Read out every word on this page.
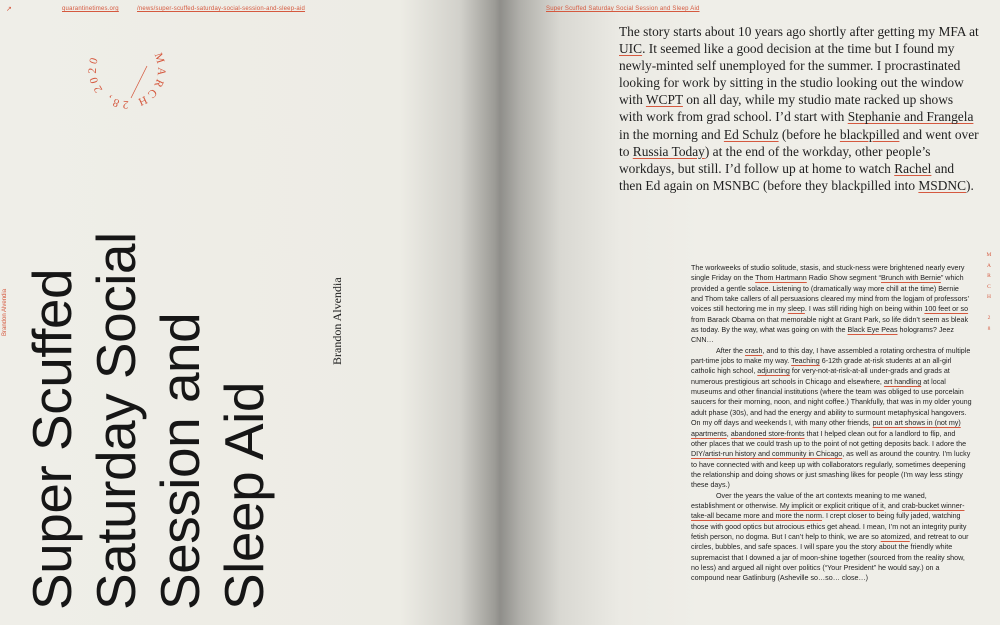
↗	quarantinetimes.org	/news/super-scuffed-saturday-social-session-and-sleep-aid
MARCH 28, 2020
Super Scuffed Saturday Social Session and Sleep Aid
Brandon Alvendia
Brandon Alvendia
Super Scuffed Saturday Social Session and Sleep Aid
The story starts about 10 years ago shortly after getting my MFA at UIC. It seemed like a good decision at the time but I found my newly-minted self unemployed for the summer. I procrastinated looking for work by sitting in the studio looking out the window with WCPT on all day, while my studio mate racked up shows with work from grad school. I’d start with Stephanie and Frangela in the morning and Ed Schulz (before he blackpilled and went over to Russia Today) at the end of the workday, other people’s workdays, but still. I’d follow up at home to watch Rachel and then Ed again on MSNBC (before they blackpilled into MSDNC).

The workweeks of studio solitude, stasis, and stuck-ness were brightened nearly every single Friday on the Thom Hartmann Radio Show segment “Brunch with Bernie” which provided a gentle solace. Listening to (dramatically way more chill at the time) Bernie and Thom take callers of all persuasions cleared my mind from the logjam of professors’ voices still hectoring me in my sleep. I was still riding high on being within 100 feet or so from Barack Obama on that memorable night at Grant Park, so life didn’t seem as bleak as today. By the way, what was going on with the Black Eye Peas holograms? Jeez CNN…

After the crash, and to this day, I have assembled a rotating orchestra of multiple part-time jobs to make my way. Teaching 6-12th grade at-risk students at an all-girl catholic high school, adjuncting for very-not-at-risk-at-all under-grads and grads at numerous prestigious art schools in Chicago and elsewhere, art handling at local museums and other financial institutions (where the team was obliged to use porcelain saucers for their morning, noon, and night coffee.) Thankfully, that was in my older young adult phase (30s), and had the energy and ability to surmount metaphysical hangovers. On my off days and weekends I, with many other friends, put on art shows in (not my) apartments, abandoned store-fronts that I helped clean out for a landlord to flip, and other places that we could trash up to the point of not getting deposits back. I adore the DIY/artist-run history and community in Chicago, as well as around the country. I’m lucky to have connected with and keep up with collaborators regularly, sometimes deepening the relationship and doing shows or just smashing likes for people (I’m way less stingy these days.)

Over the years the value of the art contexts meaning to me waned, establishment or otherwise. My implicit or explicit critique of it, and crab-bucket winner-take-all became more and more the norm. I crept closer to being fully jaded, watching those with good optics but atrocious ethics get ahead. I mean, I’m not an integrity purity fetish person, no dogma. But I can’t help to think, we are so atomized, and retreat to our circles, bubbles, and safe spaces. I will spare you the story about the friendly white supremacist that I downed a jar of moon-shine together (sourced from the reality show, no less) and argued all night over politics (“Your President” he would say.) on a compound near Gatlinburg (Asheville so…so… close…)

M
A
R
C
H

2
8
